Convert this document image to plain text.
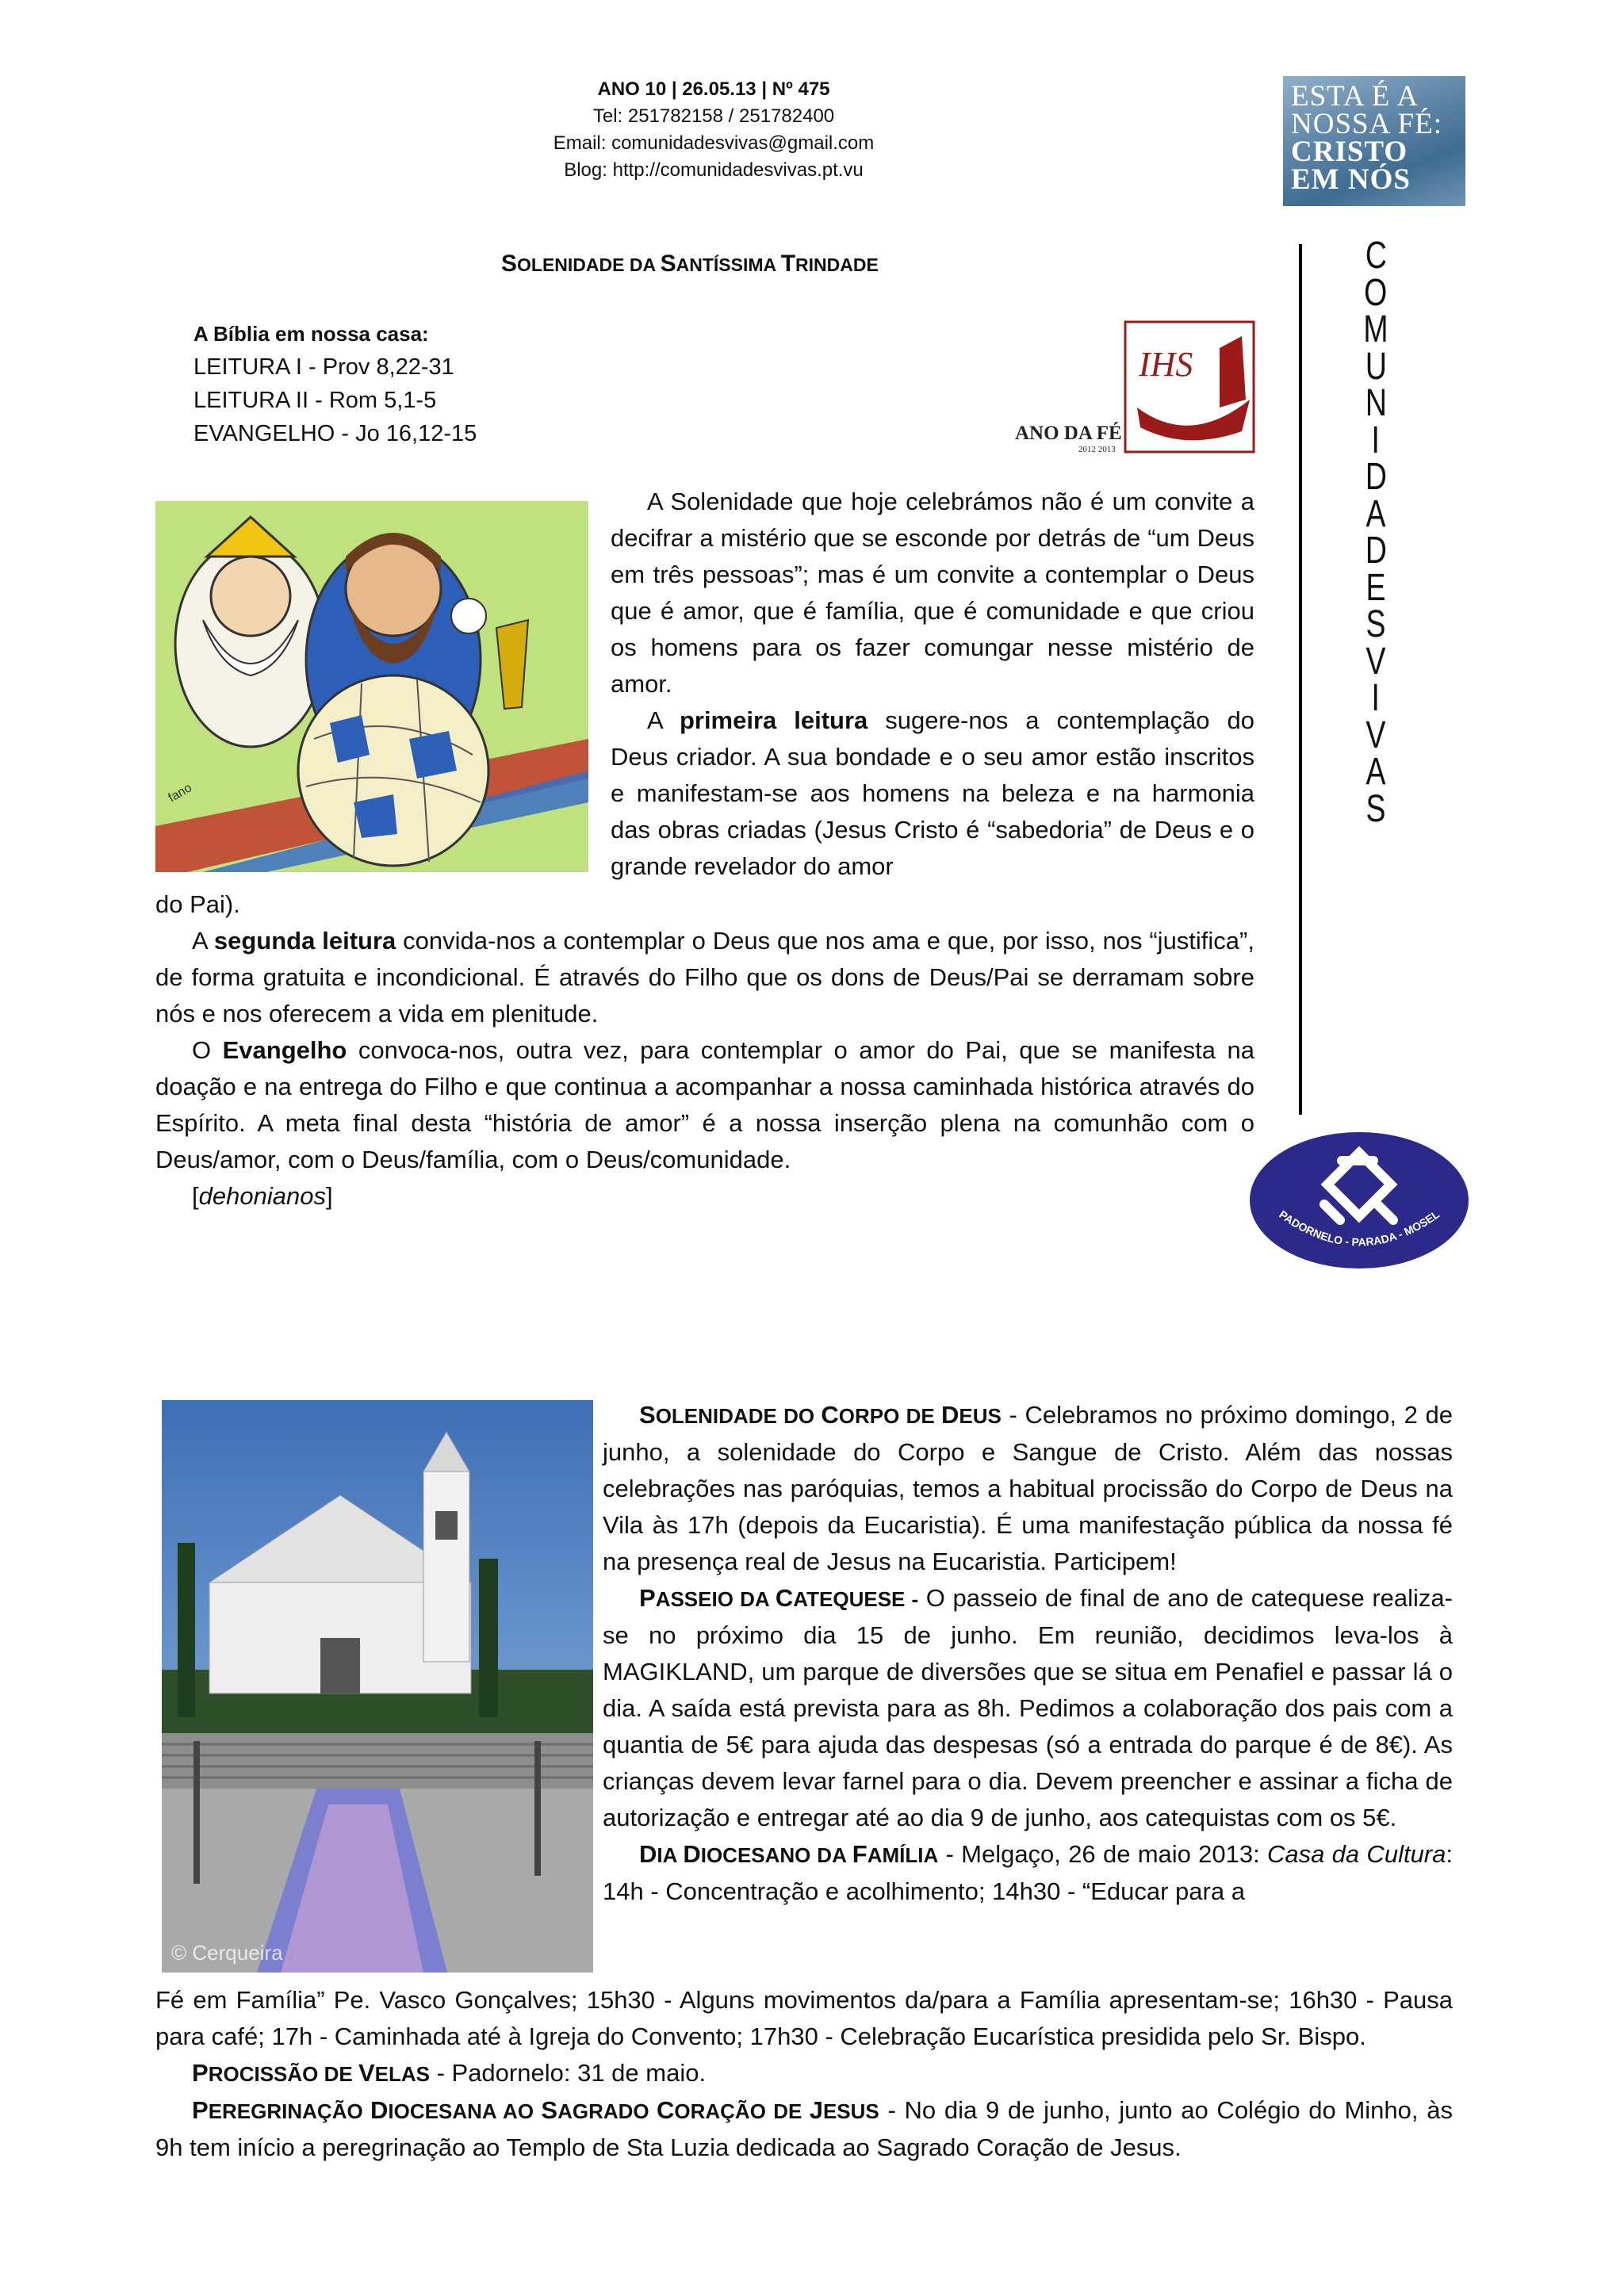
ANO 10 | 26.05.13 | Nº 475
Tel: 251782158 / 251782400
Email: comunidadesvivas@gmail.com
Blog: http://comunidadesvivas.pt.vu
ESTA É A
NOSSA FÉ:
CRISTO
EM NÓS
C
O
M
U
N
I
D
A
D
E
S
V
I
V
A
S
SOLENIDADE DA SANTÍSSIMA TRINDADE
A Bíblia em nossa casa:
LEITURA I - Prov 8,22-31
LEITURA II - Rom 5,1-5
EVANGELHO - Jo 16,12-15
IHS
ANO DA FÉ
2012 2013
fano

A Solenidade que hoje celebrámos não é um convite a decifrar a mistério que se esconde por detrás de “um Deus em três pessoas”; mas é um convite a contemplar o Deus que é amor, que é família, que é comunidade e que criou os homens para os fazer comungar nesse mistério de amor.

A primeira leitura sugere-nos a contemplação do Deus criador. A sua bondade e o seu amor estão inscritos e manifestam-se aos homens na beleza e na harmonia das obras criadas (Jesus Cristo é “sabedoria” de Deus e o grande revelador do amor

do Pai).

A segunda leitura convida-nos a contemplar o Deus que nos ama e que, por isso, nos “justifica”, de forma gratuita e incondicional. É através do Filho que os dons de Deus/Pai se derramam sobre nós e nos oferecem a vida em plenitude.

O Evangelho convoca-nos, outra vez, para contemplar o amor do Pai, que se manifesta na doação e na entrega do Filho e que continua a acompanhar a nossa caminhada histórica através do Espírito. A meta final desta “história de amor” é a nossa inserção plena na comunhão com o Deus/amor, com o Deus/família, com o Deus/comunidade.

[dehonianos]

PADORNELO - PARADA - MOSEL
© Cerqueira

SOLENIDADE DO CORPO DE DEUS - Celebramos no próximo domingo, 2 de junho, a solenidade do Corpo e Sangue de Cristo. Além das nossas celebrações nas paróquias, temos a habitual procissão do Corpo de Deus na Vila às 17h (depois da Eucaristia). É uma manifestação pública da nossa fé na presença real de Jesus na Eucaristia. Participem!

PASSEIO DA CATEQUESE - O passeio de final de ano de catequese realiza-se no próximo dia 15 de junho. Em reunião, decidimos leva-los à MAGIKLAND, um parque de diversões que se situa em Penafiel e passar lá o dia. A saída está prevista para as 8h. Pedimos a colaboração dos pais com a quantia de 5€ para ajuda das despesas (só a entrada do parque é de 8€). As crianças devem levar farnel para o dia. Devem preencher e assinar a ficha de autorização e entregar até ao dia 9 de junho, aos catequistas com os 5€.

DIA DIOCESANO DA FAMÍLIA - Melgaço, 26 de maio 2013: Casa da Cultura: 14h - Concentração e acolhimento; 14h30 - “Educar para a

Fé em Família” Pe. Vasco Gonçalves; 15h30 - Alguns movimentos da/para a Família apresentam-se; 16h30 - Pausa para café; 17h - Caminhada até à Igreja do Convento; 17h30 - Celebração Eucarística presidida pelo Sr. Bispo.

PROCISSÃO DE VELAS - Padornelo: 31 de maio.

PEREGRINAÇÃO DIOCESANA AO SAGRADO CORAÇÃO DE JESUS - No dia 9 de junho, junto ao Colégio do Minho, às 9h tem início a peregrinação ao Templo de Sta Luzia dedicada ao Sagrado Coração de Jesus.
